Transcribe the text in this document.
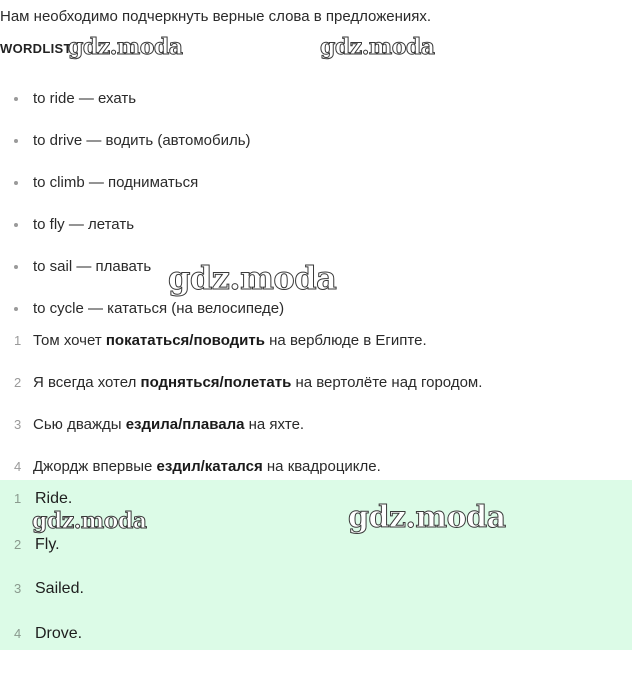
Нам необходимо подчеркнуть верные слова в предложениях.
WORDLIST
gdz.moda	gdz.moda
to ride — ехать
to drive — водить (автомобиль)
to climb — подниматься
to fly — летать
to sail — плавать
to cycle — кататься (на велосипеде)
gdz.moda
1 Том хочет покататься/поводить на верблюде в Египте.
2 Я всегда хотел подняться/полетать на вертолёте над городом.
3 Сью дважды ездила/плавала на яхте.
4 Джордж впервые ездил/катался на квадроцикле.
1 Ride.
2 Fly.
3 Sailed.
4 Drove.
gdz.moda	gdz.moda
